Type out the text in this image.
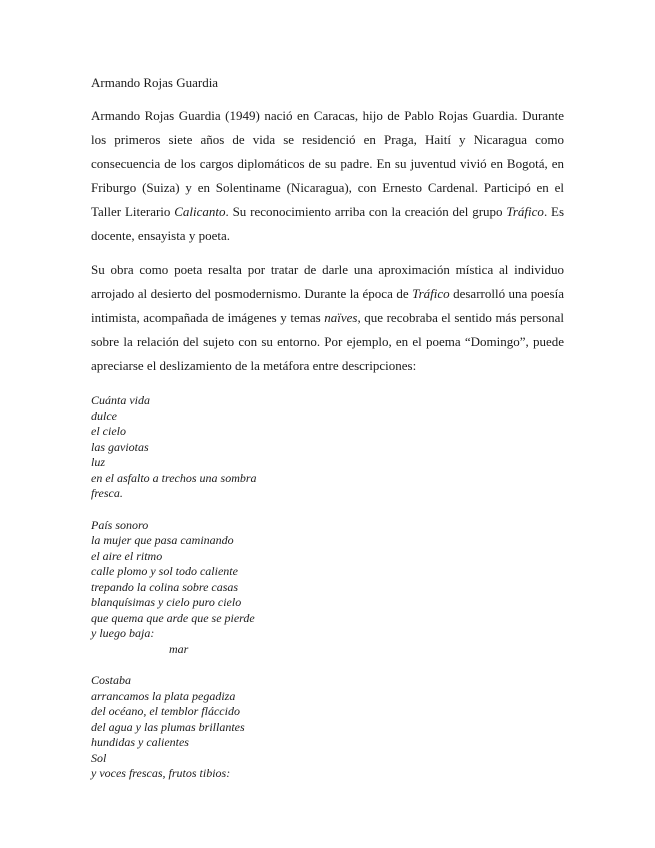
Armando Rojas Guardia

Armando Rojas Guardia (1949) nació en Caracas, hijo de Pablo Rojas Guardia. Durante los primeros siete años de vida se residenció en Praga, Haití y Nicaragua como consecuencia de los cargos diplomáticos de su padre. En su juventud vivió en Bogotá, en Friburgo (Suiza) y en Solentiname (Nicaragua), con Ernesto Cardenal. Participó en el Taller Literario Calicanto. Su reconocimiento arriba con la creación del grupo Tráfico. Es docente, ensayista y poeta.

Su obra como poeta resalta por tratar de darle una aproximación mística al individuo arrojado al desierto del posmodernismo. Durante la época de Tráfico desarrolló una poesía intimista, acompañada de imágenes y temas naïves, que recobraba el sentido más personal sobre la relación del sujeto con su entorno. Por ejemplo, en el poema “Domingo”, puede apreciarse el deslizamiento de la metáfora entre descripciones:

Cuánta vida
dulce
el cielo
las gaviotas
luz
en el asfalto a trechos una sombra
fresca.
País sonoro
la mujer que pasa caminando
el aire el ritmo
calle plomo y sol todo caliente
trepando la colina sobre casas
blanquísimas y cielo puro cielo
que quema que arde que se pierde
y luego baja:
mar
Costaba
arrancamos la plata pegadiza
del océano, el temblor fláccido
del agua y las plumas brillantes
hundidas y calientes
Sol
y voces frescas, frutos tibios:
